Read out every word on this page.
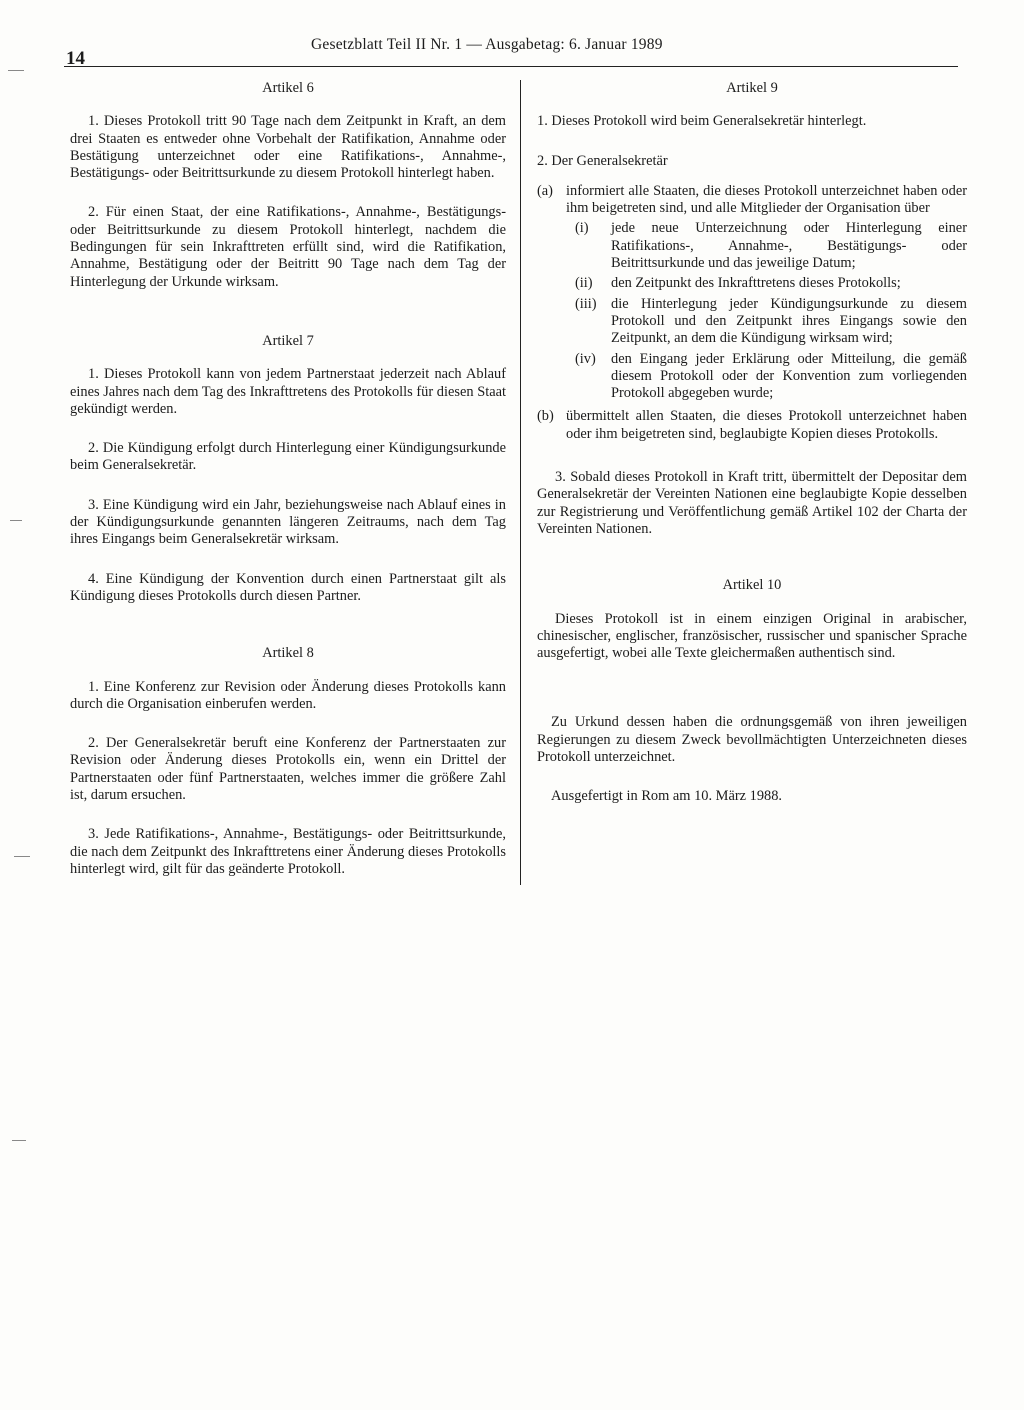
14
Gesetzblatt Teil II Nr. 1 — Ausgabetag: 6. Januar 1989
Artikel 6

1. Dieses Protokoll tritt 90 Tage nach dem Zeitpunkt in Kraft, an dem drei Staaten es entweder ohne Vorbehalt der Ratifikation, Annahme oder Bestätigung unterzeichnet oder eine Ratifikations-, Annahme-, Bestätigungs- oder Beitrittsurkunde zu diesem Protokoll hinterlegt haben.

2. Für einen Staat, der eine Ratifikations-, Annahme-, Bestätigungs- oder Beitrittsurkunde zu diesem Protokoll hinterlegt, nachdem die Bedingungen für sein Inkrafttreten erfüllt sind, wird die Ratifikation, Annahme, Bestätigung oder der Beitritt 90 Tage nach dem Tag der Hinterlegung der Urkunde wirksam.

Artikel 7

1. Dieses Protokoll kann von jedem Partnerstaat jederzeit nach Ablauf eines Jahres nach dem Tag des Inkrafttretens des Protokolls für diesen Staat gekündigt werden.

2. Die Kündigung erfolgt durch Hinterlegung einer Kündigungsurkunde beim Generalsekretär.

3. Eine Kündigung wird ein Jahr, beziehungsweise nach Ablauf eines in der Kündigungsurkunde genannten längeren Zeitraums, nach dem Tag ihres Eingangs beim Generalsekretär wirksam.

4. Eine Kündigung der Konvention durch einen Partnerstaat gilt als Kündigung dieses Protokolls durch diesen Partner.

Artikel 8

1. Eine Konferenz zur Revision oder Änderung dieses Protokolls kann durch die Organisation einberufen werden.

2. Der Generalsekretär beruft eine Konferenz der Partnerstaaten zur Revision oder Änderung dieses Protokolls ein, wenn ein Drittel der Partnerstaaten oder fünf Partnerstaaten, welches immer die größere Zahl ist, darum ersuchen.

3. Jede Ratifikations-, Annahme-, Bestätigungs- oder Beitrittsurkunde, die nach dem Zeitpunkt des Inkrafttretens einer Änderung dieses Protokolls hinterlegt wird, gilt für das geänderte Protokoll.

Artikel 9

1. Dieses Protokoll wird beim Generalsekretär hinterlegt.

2. Der Generalsekretär

(a) informiert alle Staaten, die dieses Protokoll unterzeichnet haben oder ihm beigetreten sind, und alle Mitglieder der Organisation über
(i)	jede neue Unterzeichnung oder Hinterlegung einer Ratifikations-, Annahme-, Bestätigungs- oder Beitrittsurkunde und das jeweilige Datum;
(ii)	den Zeitpunkt des Inkrafttretens dieses Protokolls;
(iii)	die Hinterlegung jeder Kündigungsurkunde zu diesem Protokoll und den Zeitpunkt ihres Eingangs sowie den Zeitpunkt, an dem die Kündigung wirksam wird;
(iv)	den Eingang jeder Erklärung oder Mitteilung, die gemäß diesem Protokoll oder der Konvention zum vorliegenden Protokoll abgegeben wurde;
(b) übermittelt allen Staaten, die dieses Protokoll unterzeichnet haben oder ihm beigetreten sind, beglaubigte Kopien dieses Protokolls.

3. Sobald dieses Protokoll in Kraft tritt, übermittelt der Depositar dem Generalsekretär der Vereinten Nationen eine beglaubigte Kopie desselben zur Registrierung und Veröffentlichung gemäß Artikel 102 der Charta der Vereinten Nationen.

Artikel 10

Dieses Protokoll ist in einem einzigen Original in arabischer, chinesischer, englischer, französischer, russischer und spanischer Sprache ausgefertigt, wobei alle Texte gleichermaßen authentisch sind.

Zu Urkund dessen haben die ordnungsgemäß von ihren jeweiligen Regierungen zu diesem Zweck bevollmächtigten Unterzeichneten dieses Protokoll unterzeichnet.

Ausgefertigt in Rom am 10. März 1988.
